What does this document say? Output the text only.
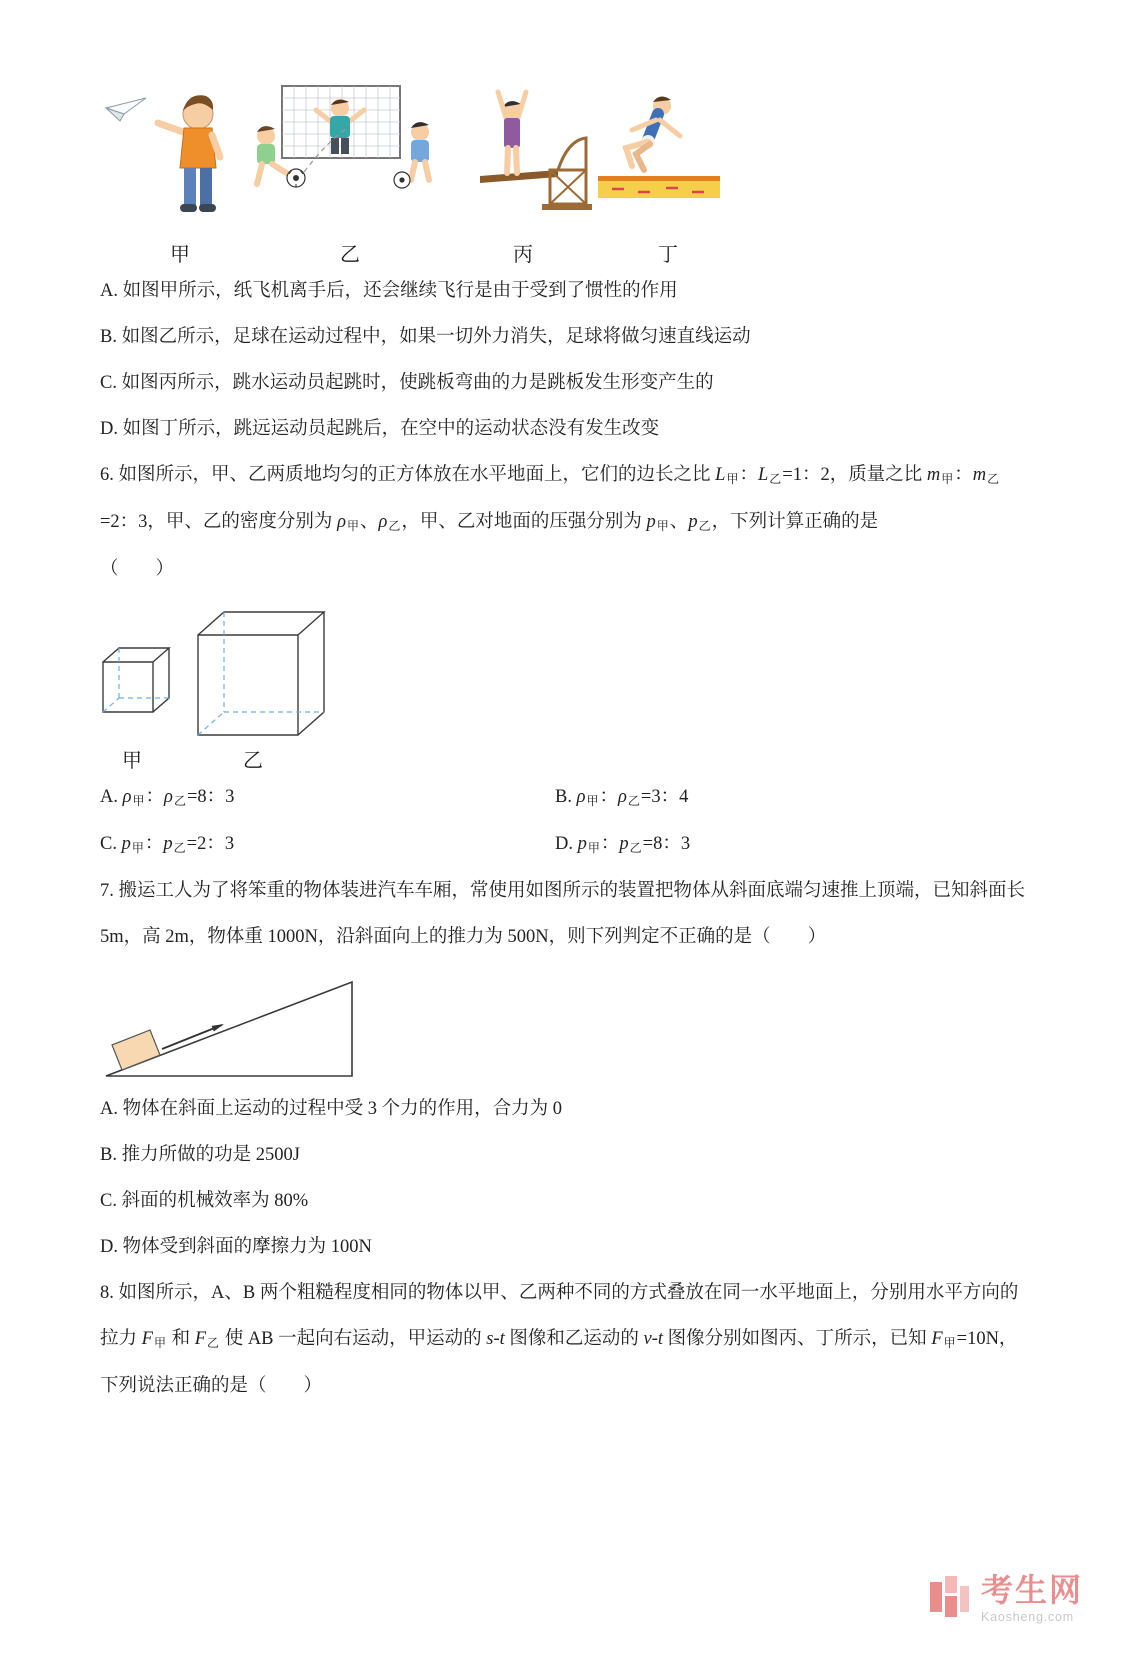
甲	乙	丙	丁
A. 如图甲所示，纸飞机离手后，还会继续飞行是由于受到了惯性的作用
B. 如图乙所示，足球在运动过程中，如果一切外力消失，足球将做匀速直线运动
C. 如图丙所示，跳水运动员起跳时，使跳板弯曲的力是跳板发生形变产生的
D. 如图丁所示，跳远运动员起跳后，在空中的运动状态没有发生改变
6. 如图所示，甲、乙两质地均匀的正方体放在水平地面上，它们的边长之比 $L_甲$：$L_乙=1$：2，质量之比 $m_甲$：$m_乙=2$：3，甲、乙的密度分别为 $\rho_甲$、$\rho_乙$，甲、乙对地面的压强分别为 $p_甲$、$p_乙$，下列计算正确的是
（　　）
甲	乙
A. $\rho_甲$：$\rho_乙=8$：3	B. $\rho_甲$：$\rho_乙=3$：4
C. $p_甲$：$p_乙=2$：3	D. $p_甲$：$p_乙=8$：3
7. 搬运工人为了将笨重的物体装进汽车车厢，常使用如图所示的装置把物体从斜面底端匀速推上顶端，已知斜面长 5m，高 2m，物体重 1000N，沿斜面向上的推力为 500N，则下列判定不正确的是（　　）
A. 物体在斜面上运动的过程中受 3 个力的作用，合力为 0
B. 推力所做的功是 2500J
C. 斜面的机械效率为 80%
D. 物体受到斜面的摩擦力为 100N
8. 如图所示，A、B 两个粗糙程度相同的物体以甲、乙两种不同的方式叠放在同一水平地面上，分别用水平方向的拉力 $F_甲$ 和 $F_乙$ 使 AB 一起向右运动，甲运动的 s-t 图像和乙运动的 v-t 图像分别如图丙、丁所示，已知 $F_甲=10N$，下列说法正确的是（　　）
考生网
Kaosheng.com
